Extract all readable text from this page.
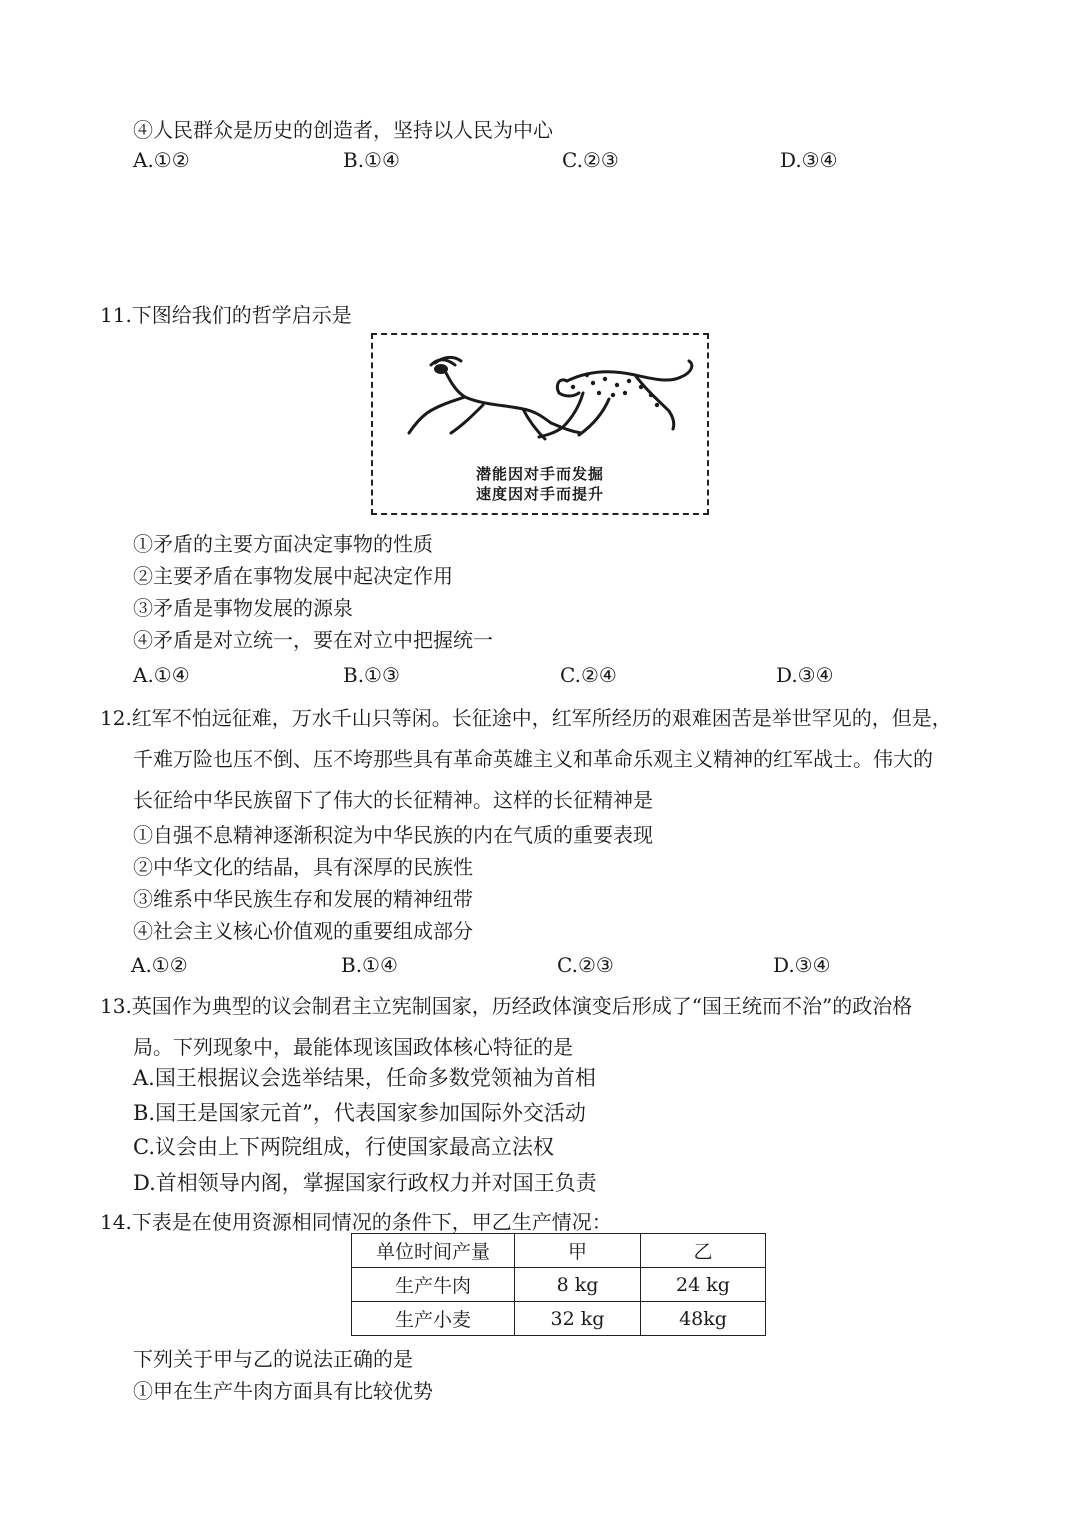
④人民群众是历史的创造者，坚持以人民为中心
A.①②	B.①④	C.②③	D.③④
11.下图给我们的哲学启示是
潜能因对手而发掘
速度因对手而提升
①矛盾的主要方面决定事物的性质
②主要矛盾在事物发展中起决定作用
③矛盾是事物发展的源泉
④矛盾是对立统一，要在对立中把握统一
A.①④	B.①③	C.②④	D.③④
12.红军不怕远征难，万水千山只等闲。长征途中，红军所经历的艰难困苦是举世罕见的，但是，
千难万险也压不倒、压不垮那些具有革命英雄主义和革命乐观主义精神的红军战士。伟大的
长征给中华民族留下了伟大的长征精神。这样的长征精神是
①自强不息精神逐渐积淀为中华民族的内在气质的重要表现
②中华文化的结晶，具有深厚的民族性
③维系中华民族生存和发展的精神纽带
④社会主义核心价值观的重要组成部分
A.①②	B.①④	C.②③	D.③④
13.英国作为典型的议会制君主立宪制国家，历经政体演变后形成了“国王统而不治”的政治格
局。下列现象中，最能体现该国政体核心特征的是
A.国王根据议会选举结果，任命多数党领袖为首相
B.国王是国家元首”，代表国家参加国际外交活动
C.议会由上下两院组成，行使国家最高立法权
D.首相领导内阁，掌握国家行政权力并对国王负责
14.下表是在使用资源相同情况的条件下，甲乙生产情况：
单位时间产量	甲	乙
生产牛肉	8 kg	24 kg
生产小麦	32 kg	48kg
下列关于甲与乙的说法正确的是
①甲在生产牛肉方面具有比较优势
